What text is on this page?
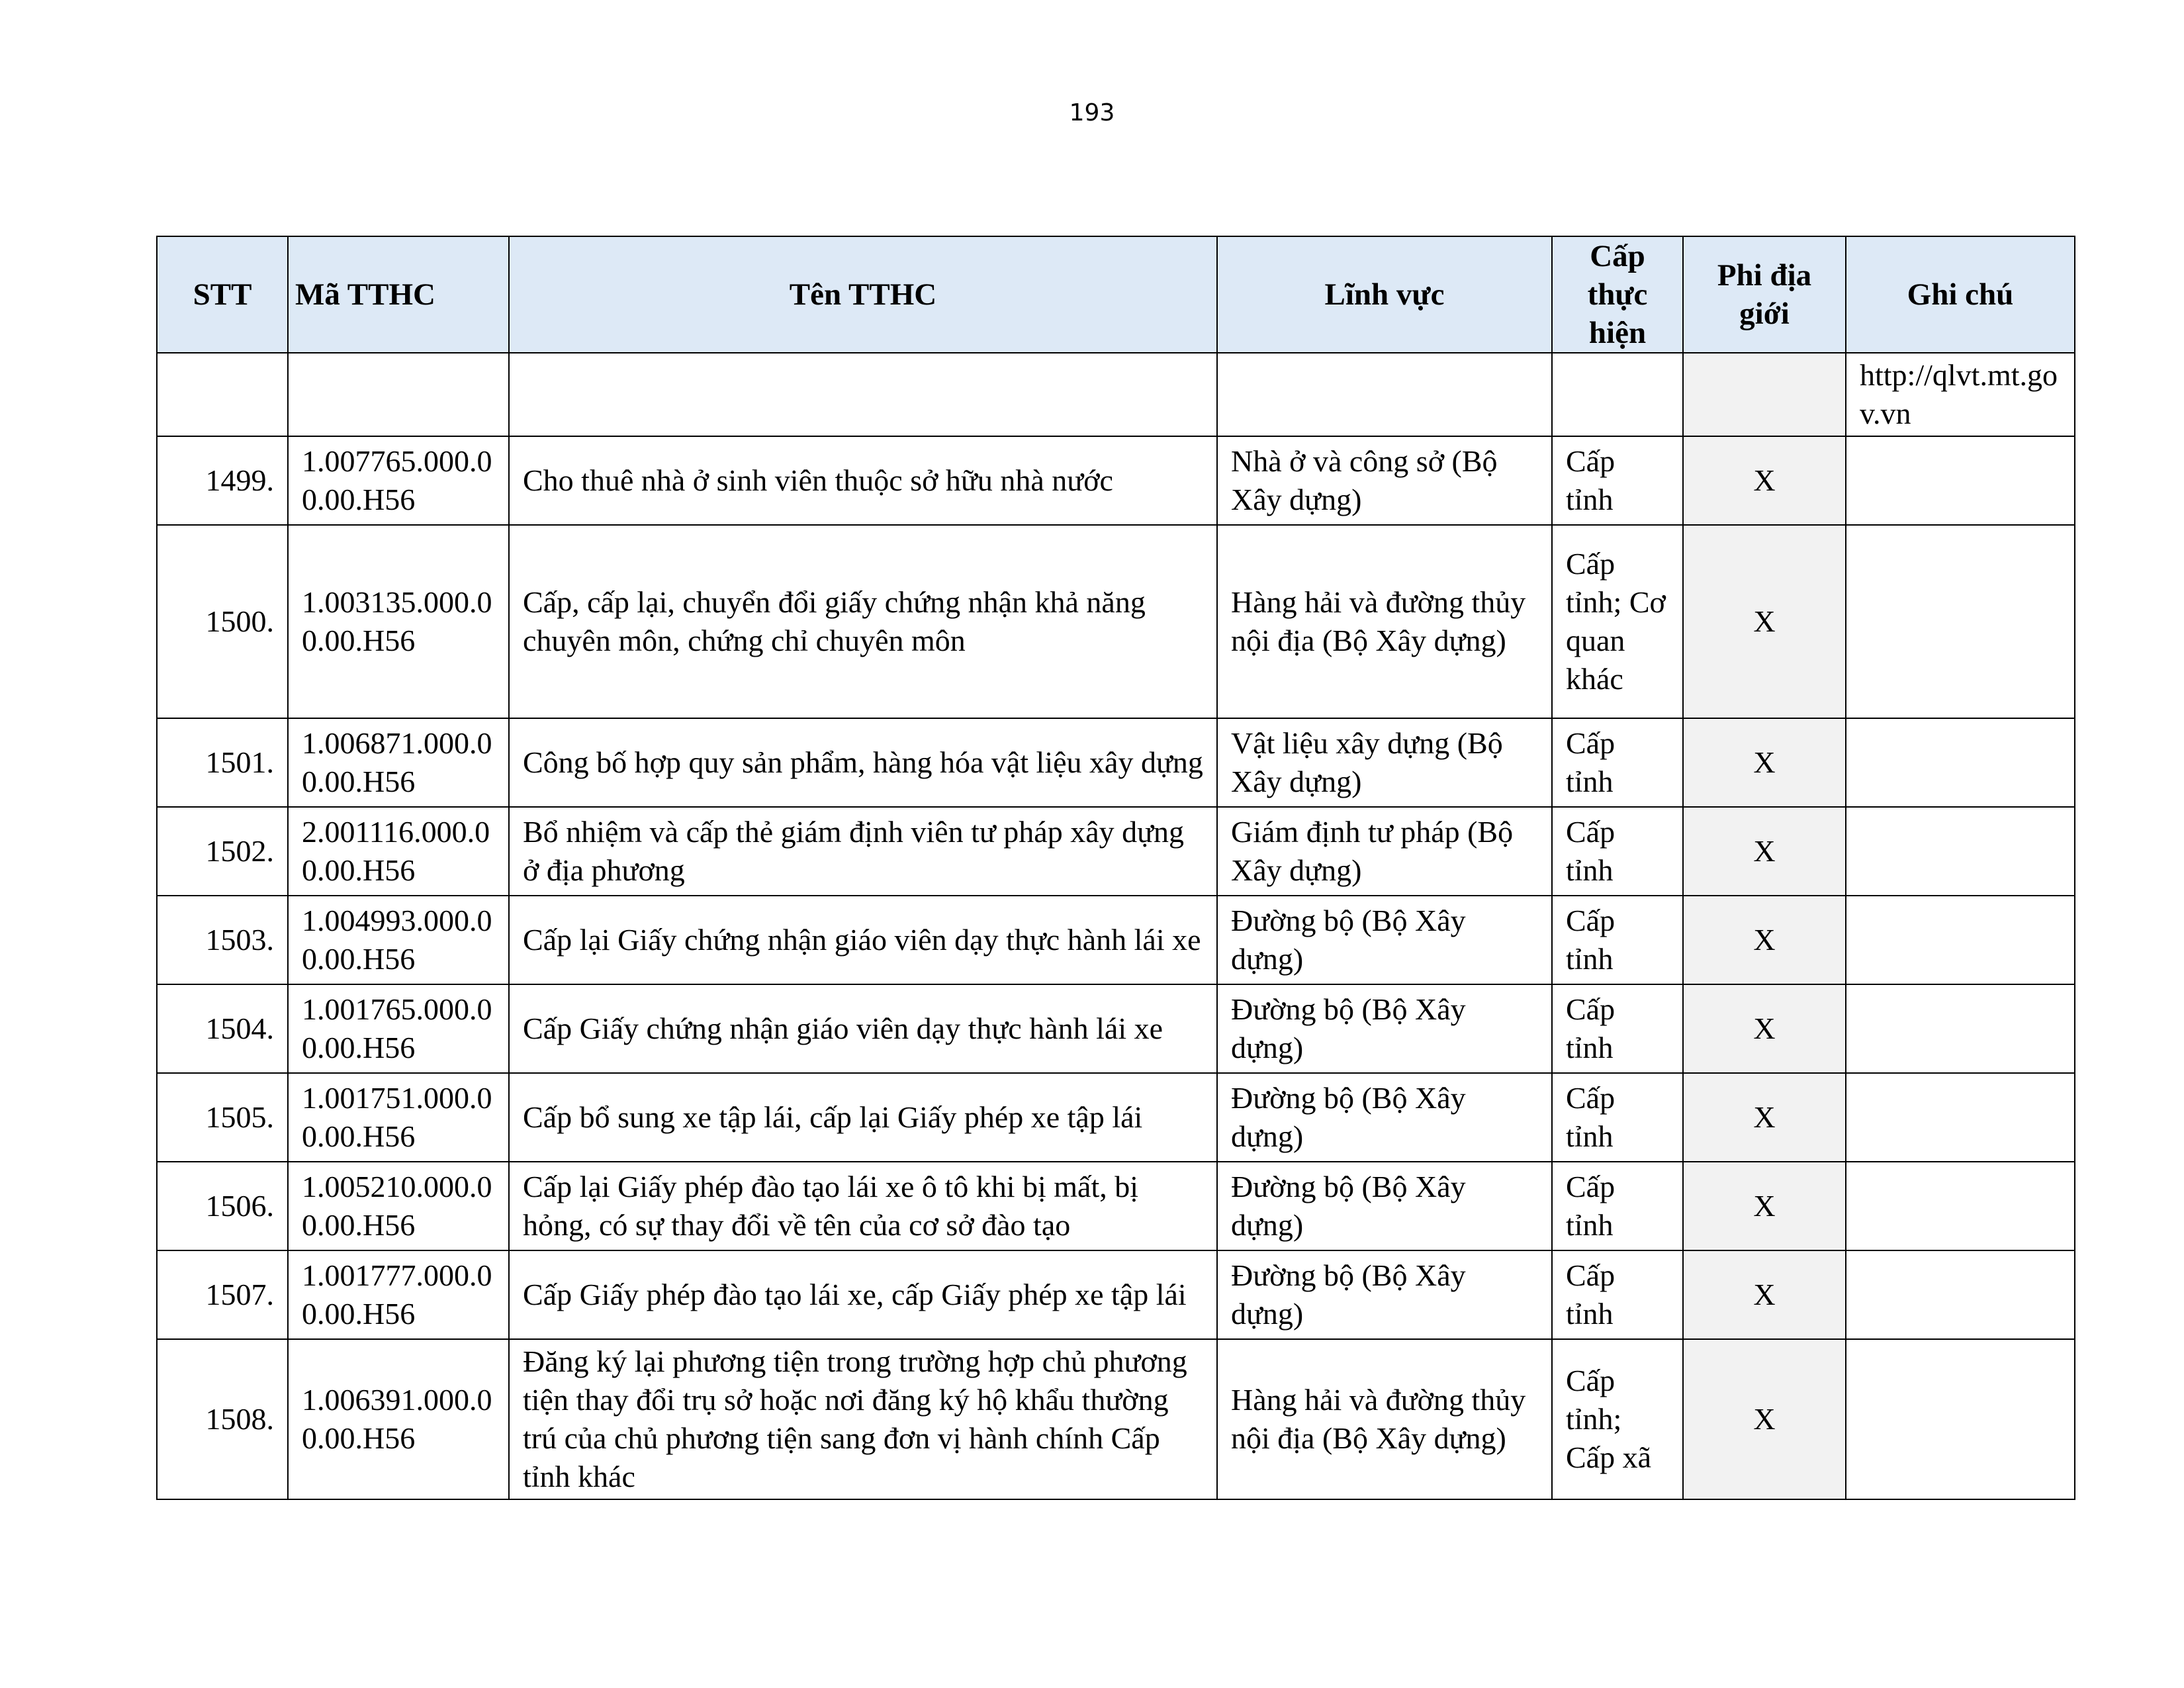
193
STT	Mã TTHC	Tên TTHC	Lĩnh vực	Cấp thực hiện	Phi địa giới	Ghi chú
						http://qlvt.mt.gov.vn
1499.	1.007765.000.00.00.H56	Cho thuê nhà ở sinh viên thuộc sở hữu nhà nước	Nhà ở và công sở (Bộ Xây dựng)	Cấp tỉnh	X	
1500.	1.003135.000.00.00.H56	Cấp, cấp lại, chuyển đổi giấy chứng nhận khả năng chuyên môn, chứng chỉ chuyên môn	Hàng hải và đường thủy nội địa (Bộ Xây dựng)	Cấp tỉnh; Cơ quan khác	X	
1501.	1.006871.000.00.00.H56	Công bố hợp quy sản phẩm, hàng hóa vật liệu xây dựng	Vật liệu xây dựng (Bộ Xây dựng)	Cấp tỉnh	X	
1502.	2.001116.000.00.00.H56	Bổ nhiệm và cấp thẻ giám định viên tư pháp xây dựng ở địa phương	Giám định tư pháp (Bộ Xây dựng)	Cấp tỉnh	X	
1503.	1.004993.000.00.00.H56	Cấp lại Giấy chứng nhận giáo viên dạy thực hành lái xe	Đường bộ (Bộ Xây dựng)	Cấp tỉnh	X	
1504.	1.001765.000.00.00.H56	Cấp Giấy chứng nhận giáo viên dạy thực hành lái xe	Đường bộ (Bộ Xây dựng)	Cấp tỉnh	X	
1505.	1.001751.000.00.00.H56	Cấp bổ sung xe tập lái, cấp lại Giấy phép xe tập lái	Đường bộ (Bộ Xây dựng)	Cấp tỉnh	X	
1506.	1.005210.000.00.00.H56	Cấp lại Giấy phép đào tạo lái xe ô tô khi bị mất, bị hỏng, có sự thay đổi về tên của cơ sở đào tạo	Đường bộ (Bộ Xây dựng)	Cấp tỉnh	X	
1507.	1.001777.000.00.00.H56	Cấp Giấy phép đào tạo lái xe, cấp Giấy phép xe tập lái	Đường bộ (Bộ Xây dựng)	Cấp tỉnh	X	
1508.	1.006391.000.00.00.H56	Đăng ký lại phương tiện trong trường hợp chủ phương tiện thay đổi trụ sở hoặc nơi đăng ký hộ khẩu thường trú của chủ phương tiện sang đơn vị hành chính Cấp tỉnh khác	Hàng hải và đường thủy nội địa (Bộ Xây dựng)	Cấp tỉnh; Cấp xã	X	
